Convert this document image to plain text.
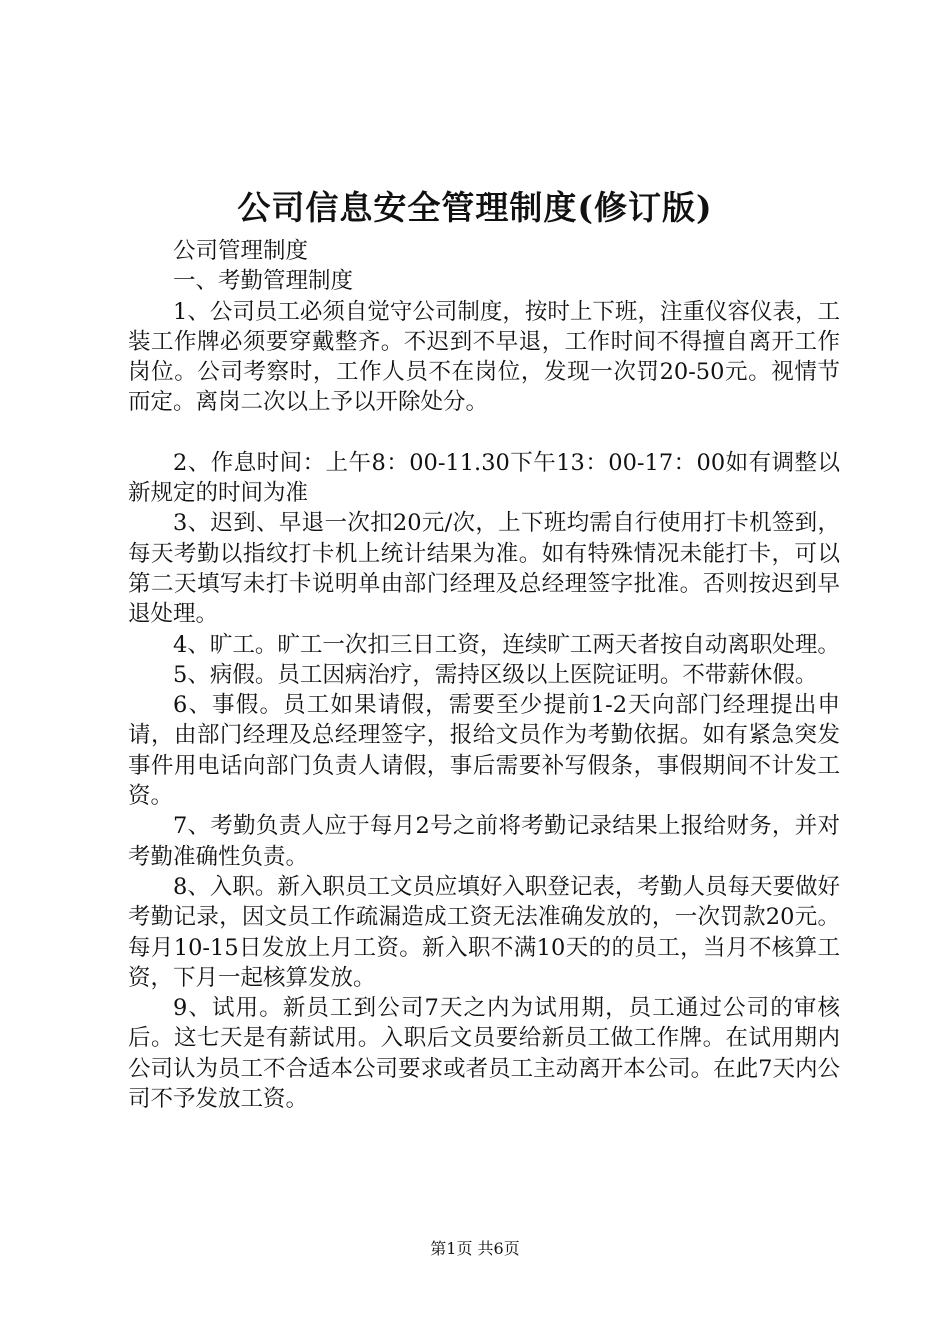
公司信息安全管理制度(修订版)

公司管理制度

一、考勤管理制度

1、公司员工必须自觉守公司制度，按时上下班，注重仪容仪表，工装工作牌必须要穿戴整齐。不迟到不早退，工作时间不得擅自离开工作岗位。公司考察时，工作人员不在岗位，发现一次罚20-50元。视情节而定。离岗二次以上予以开除处分。

2、作息时间：上午8：00-11.30下午13：00-17：00如有调整以新规定的时间为准

3、迟到、早退一次扣20元/次，上下班均需自行使用打卡机签到，每天考勤以指纹打卡机上统计结果为准。如有特殊情况未能打卡，可以第二天填写未打卡说明单由部门经理及总经理签字批准。否则按迟到早退处理。

4、旷工。旷工一次扣三日工资，连续旷工两天者按自动离职处理。

5、病假。员工因病治疗，需持区级以上医院证明。不带薪休假。

6、事假。员工如果请假，需要至少提前1-2天向部门经理提出申请，由部门经理及总经理签字，报给文员作为考勤依据。如有紧急突发事件用电话向部门负责人请假，事后需要补写假条，事假期间不计发工资。

7、考勤负责人应于每月2号之前将考勤记录结果上报给财务，并对考勤准确性负责。

8、入职。新入职员工文员应填好入职登记表，考勤人员每天要做好考勤记录，因文员工作疏漏造成工资无法准确发放的，一次罚款20元。每月10-15日发放上月工资。新入职不满10天的的员工，当月不核算工资，下月一起核算发放。

9、试用。新员工到公司7天之内为试用期，员工通过公司的审核后。这七天是有薪试用。入职后文员要给新员工做工作牌。在试用期内公司认为员工不合适本公司要求或者员工主动离开本公司。在此7天内公司不予发放工资。

第1页 共6页
